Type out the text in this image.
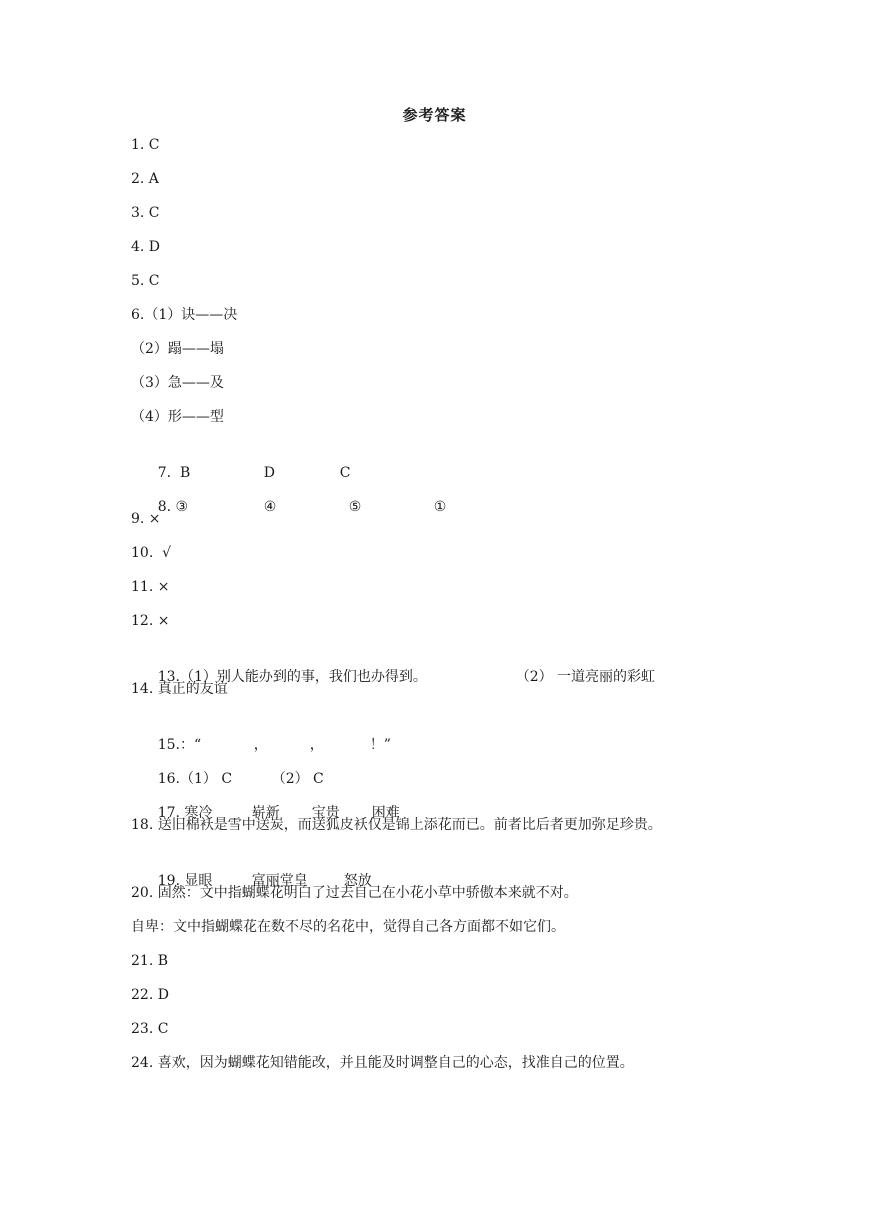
参考答案
1. C
2. A
3. C
4. D
5. C
6.（1）诀——决
（2）蹋——塌
（3）急——及
（4）形——型

7.  B	D	C

8. ③	④	⑤	①

9. ×
10.  √
11. ×
12. ×

13.（1）别人能办到的事，我们也办得到。	（2） 一道亮丽的彩虹

14. 真正的友谊

15.：“	，	，	！”

16.（1） C	（2） C

17. 寒冷	崭新 宝贵 困难

18. 送旧棉袄是雪中送炭，而送狐皮袄仅是锦上添花而已。前者比后者更加弥足珍贵。

19. 显眼	富丽堂皇	怒放

20. 固然：文中指蝴蝶花明白了过去自己在小花小草中骄傲本来就不对。
自卑：文中指蝴蝶花在数不尽的名花中，觉得自己各方面都不如它们。
21. B
22. D
23. C
24. 喜欢，因为蝴蝶花知错能改，并且能及时调整自己的心态，找准自己的位置。
